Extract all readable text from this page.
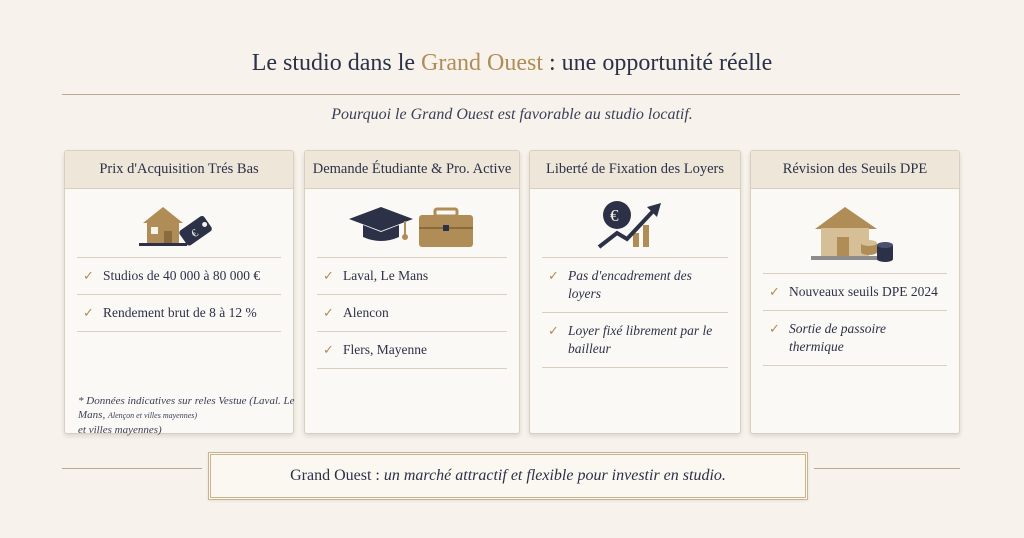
Le studio dans le Grand Ouest : une opportunité réelle
Pourquoi le Grand Ouest est favorable au studio locatif.
Prix d'Acquisition Trés Bas
€
✓ Studios de 40 000 à 80 000 €
✓ Rendement brut de 8 à 12 %
Demande Étudiante & Pro. Active
✓ Laval, Le Mans
✓ Alencon
✓ Flers, Mayenne
Liberté de Fixation des Loyers
€
✓ Pas d'encadrement des loyers
✓ Loyer fixé librement par le bailleur
Révision des Seuils DPE
✓ Nouveaux seuils DPE 2024
✓ Sortie de passoire thermique
* Données indicatives sur reles Vestue (Laval. Le Mans, Alençon et villes mayennes)
et villes mayennes)
Grand Ouest : un marché attractif et flexible pour investir en studio.
